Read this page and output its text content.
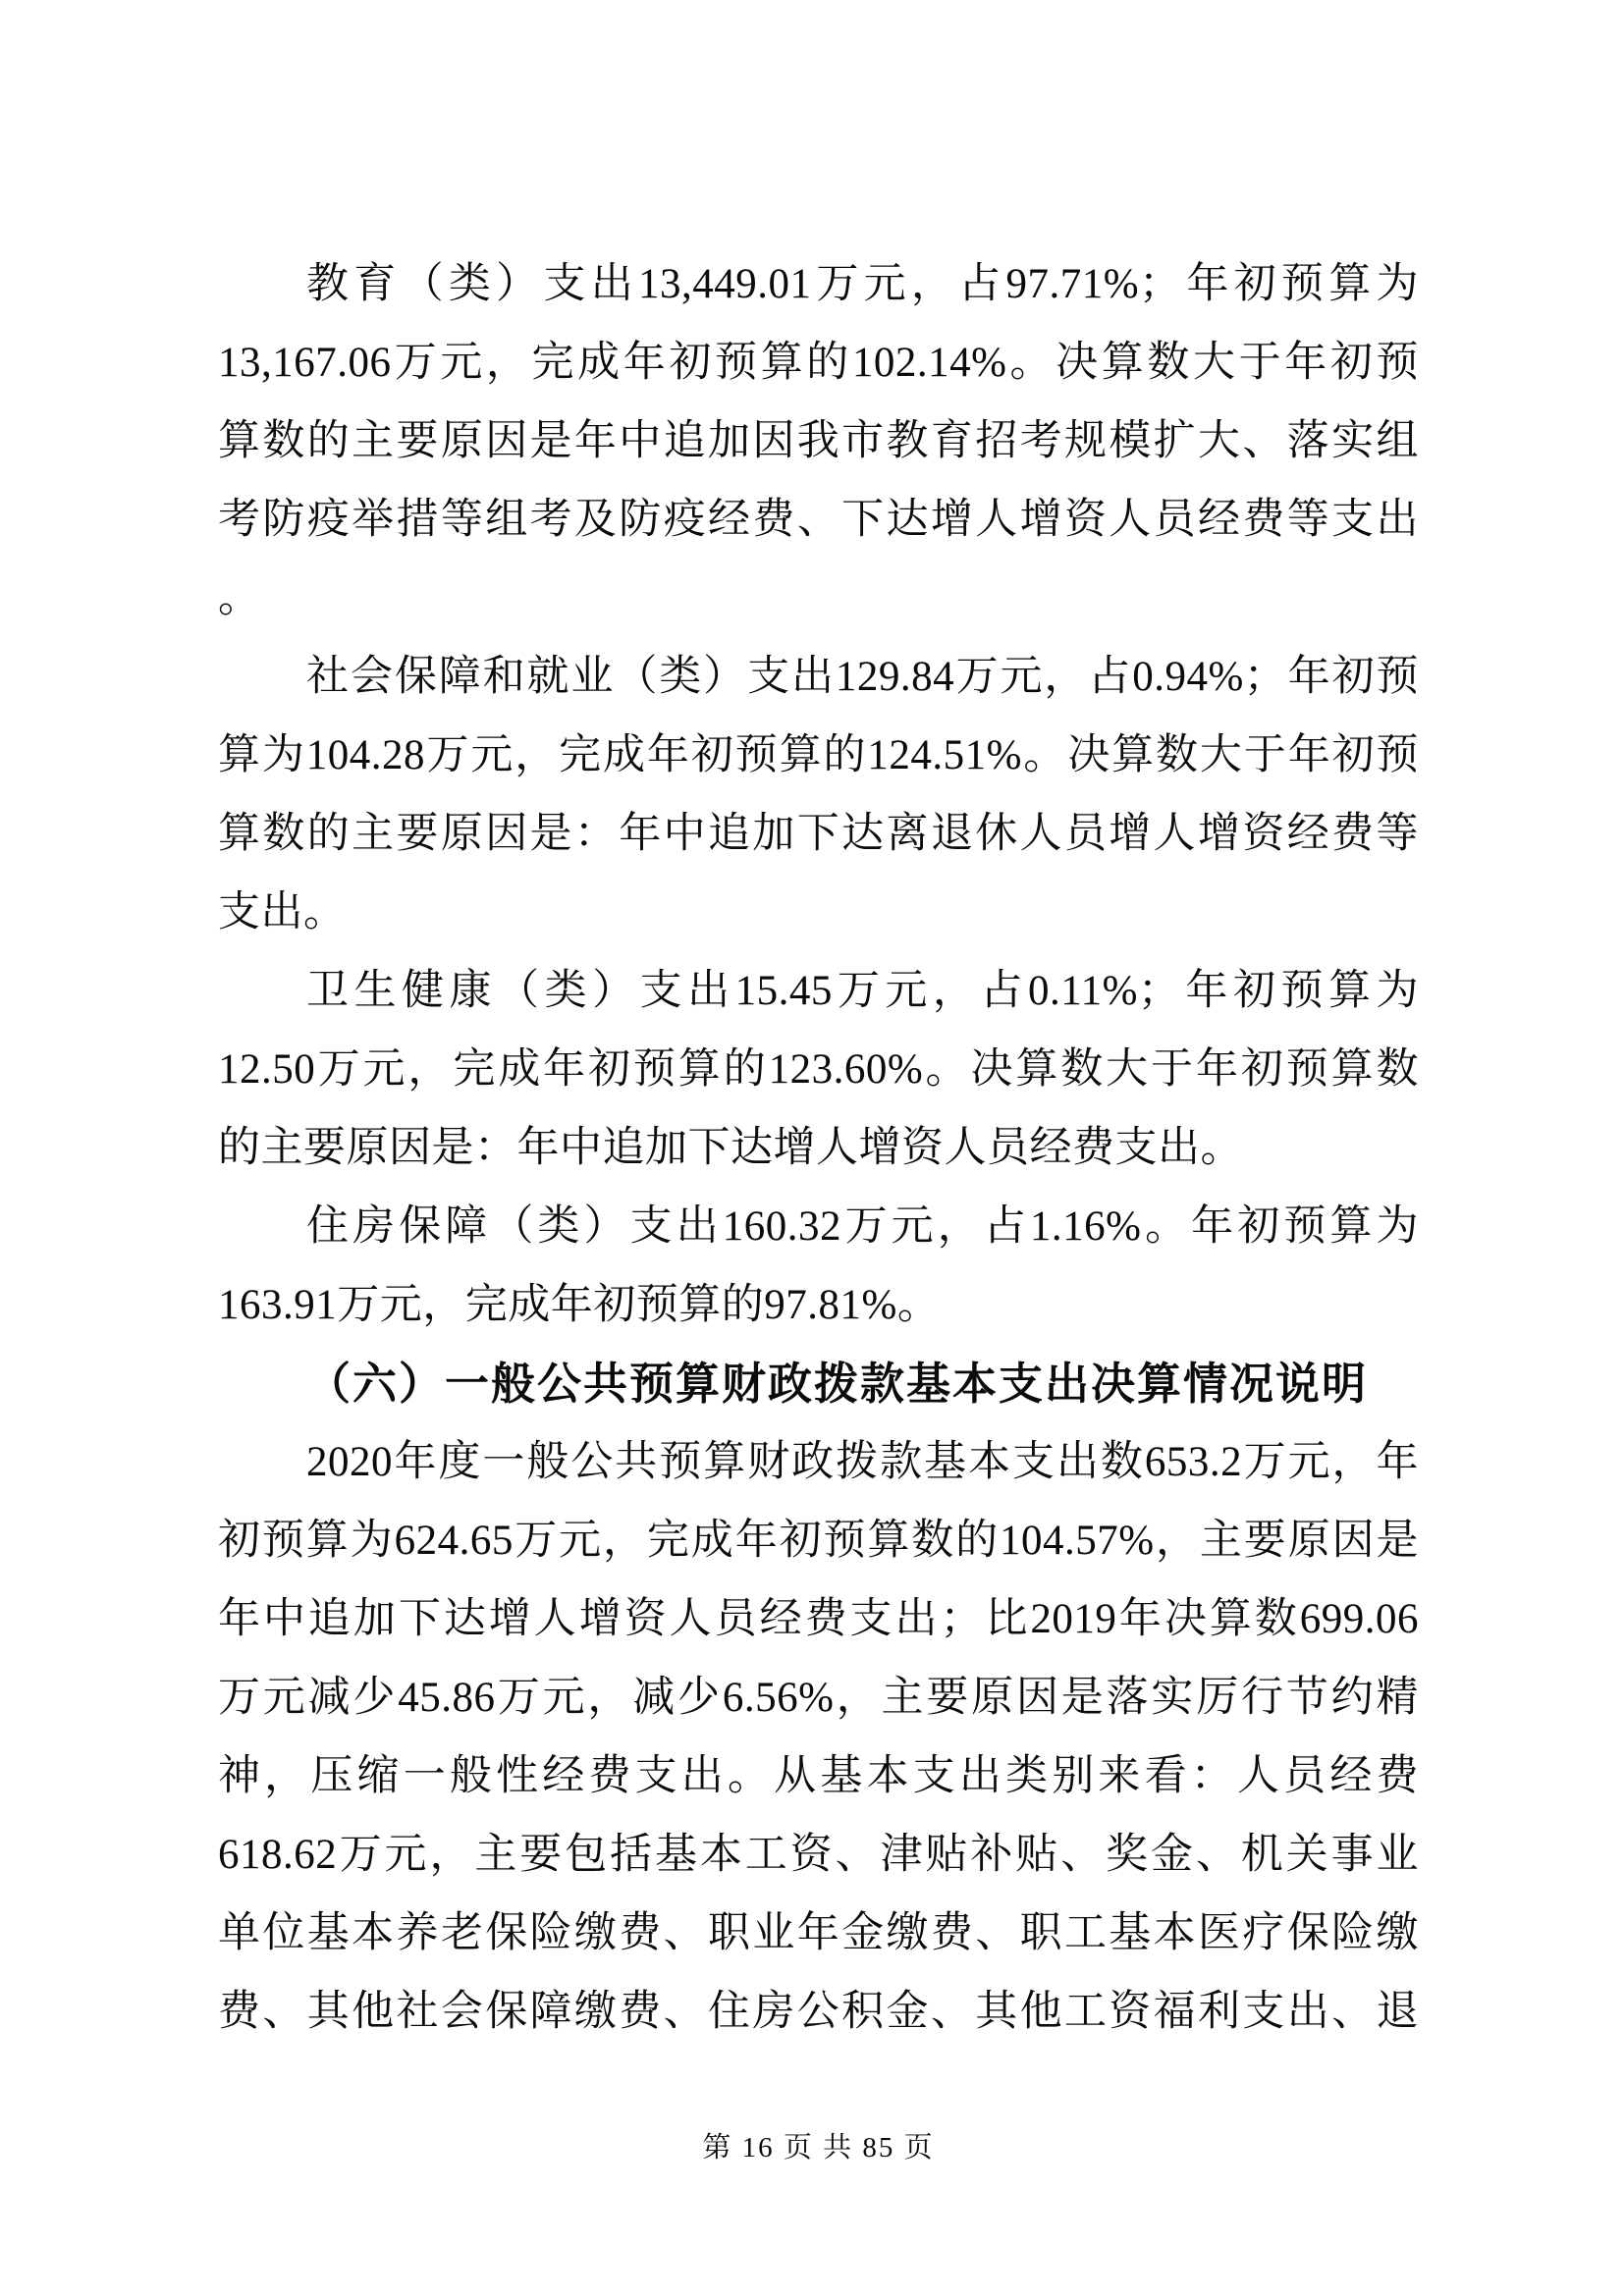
教育（类）支出13,449.01万元，占97.71%；年初预算为
13,167.06万元，完成年初预算的102.14%。决算数大于年初预
算数的主要原因是年中追加因我市教育招考规模扩大、落实组
考防疫举措等组考及防疫经费、下达增人增资人员经费等支出
。
社会保障和就业（类）支出129.84万元，占0.94%；年初预
算为104.28万元，完成年初预算的124.51%。决算数大于年初预
算数的主要原因是：年中追加下达离退休人员增人增资经费等
支出。
卫生健康（类）支出15.45万元，占0.11%；年初预算为
12.50万元，完成年初预算的123.60%。决算数大于年初预算数
的主要原因是：年中追加下达增人增资人员经费支出。
住房保障（类）支出160.32万元，占1.16%。年初预算为
163.91万元，完成年初预算的97.81%。
（六）一般公共预算财政拨款基本支出决算情况说明
2020年度一般公共预算财政拨款基本支出数653.2万元，年
初预算为624.65万元，完成年初预算数的104.57%，主要原因是
年中追加下达增人增资人员经费支出；比2019年决算数699.06
万元减少45.86万元，减少6.56%，主要原因是落实厉行节约精
神，压缩一般性经费支出。从基本支出类别来看：人员经费
618.62万元，主要包括基本工资、津贴补贴、奖金、机关事业
单位基本养老保险缴费、职业年金缴费、职工基本医疗保险缴
费、其他社会保障缴费、住房公积金、其他工资福利支出、退
第 16 页 共 85 页
